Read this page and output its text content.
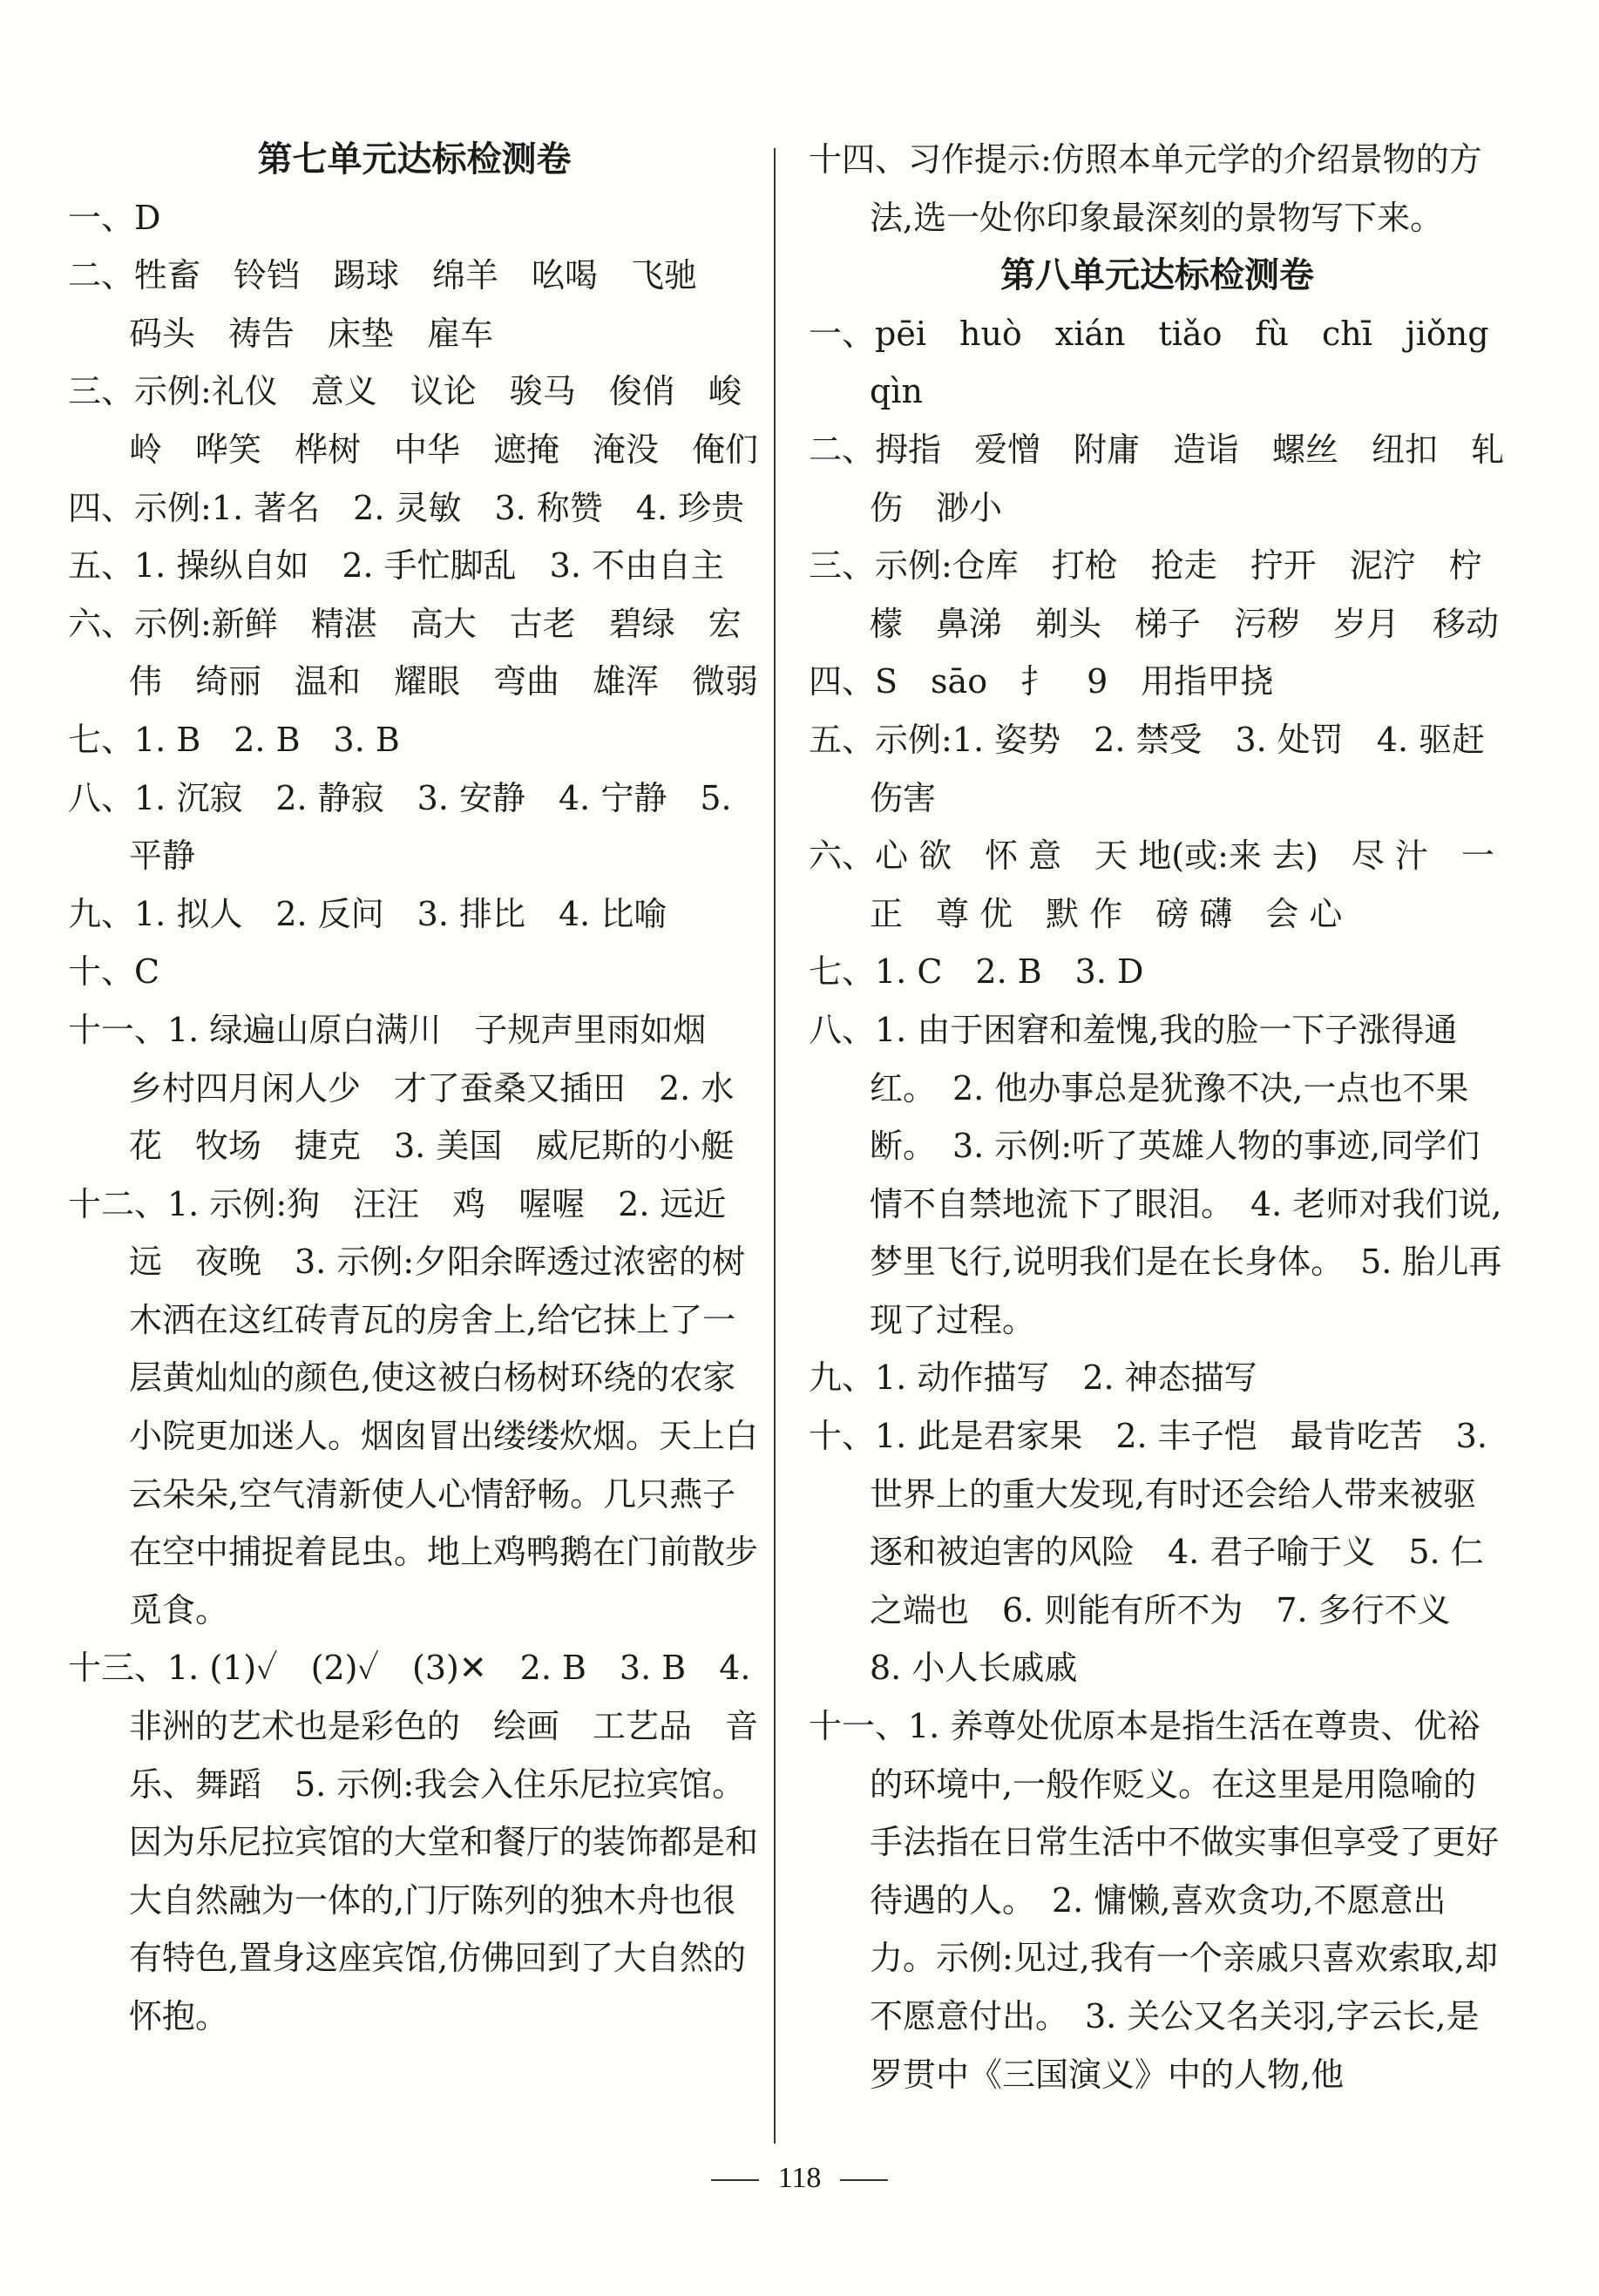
第七单元达标检测卷
一、D
二、牲畜　铃铛　踢球　绵羊　吆喝　飞驰　码头　祷告　床垫　雇车
三、示例:礼仪　意义　议论　骏马　俊俏　峻岭　哗笑　桦树　中华　遮掩　淹没　俺们
四、示例:1. 著名　2. 灵敏　3. 称赞　4. 珍贵
五、1. 操纵自如　2. 手忙脚乱　3. 不由自主
六、示例:新鲜　精湛　高大　古老　碧绿　宏伟　绮丽　温和　耀眼　弯曲　雄浑　微弱
七、1. B　2. B　3. B
八、1. 沉寂　2. 静寂　3. 安静　4. 宁静　5. 平静
九、1. 拟人　2. 反问　3. 排比　4. 比喻
十、C
十一、1. 绿遍山原白满川　子规声里雨如烟　乡村四月闲人少　才了蚕桑又插田　2. 水花　牧场　捷克　3. 美国　威尼斯的小艇
十二、1. 示例:狗　汪汪　鸡　喔喔　2. 远近　远　夜晚　3. 示例:夕阳余晖透过浓密的树木洒在这红砖青瓦的房舍上,给它抹上了一层黄灿灿的颜色,使这被白杨树环绕的农家小院更加迷人。烟囱冒出缕缕炊烟。天上白云朵朵,空气清新使人心情舒畅。几只燕子在空中捕捉着昆虫。地上鸡鸭鹅在门前散步觅食。
十三、1. (1)✓　(2)✓　(3)✕　2. B　3. B　4. 非洲的艺术也是彩色的　绘画　工艺品　音乐、舞蹈　5. 示例:我会入住乐尼拉宾馆。因为乐尼拉宾馆的大堂和餐厅的装饰都是和大自然融为一体的,门厅陈列的独木舟也很有特色,置身这座宾馆,仿佛回到了大自然的怀抱。
十四、习作提示:仿照本单元学的介绍景物的方法,选一处你印象最深刻的景物写下来。
第八单元达标检测卷
一、pēi　huò　xián　tiǎo　fù　chī　jiǒng　qìn
二、拇指　爱憎　附庸　造诣　螺丝　纽扣　轧伤　渺小
三、示例:仓库　打枪　抢走　拧开　泥泞　柠檬　鼻涕　剃头　梯子　污秽　岁月　移动
四、S　sāo　扌　9　用指甲挠
五、示例:1. 姿势　2. 禁受　3. 处罚　4. 驱赶　伤害
六、心 欲　怀 意　天 地(或:来 去)　尽 汁　一 正　尊 优　默 作　磅 礴　会 心
七、1. C　2. B　3. D
八、1. 由于困窘和羞愧,我的脸一下子涨得通红。　2. 他办事总是犹豫不决,一点也不果断。　3. 示例:听了英雄人物的事迹,同学们情不自禁地流下了眼泪。　4. 老师对我们说,梦里飞行,说明我们是在长身体。　5. 胎儿再现了过程。
九、1. 动作描写　2. 神态描写
十、1. 此是君家果　2. 丰子恺　最肯吃苦　3. 世界上的重大发现,有时还会给人带来被驱逐和被迫害的风险　4. 君子喻于义　5. 仁之端也　6. 则能有所不为　7. 多行不义　8. 小人长戚戚
十一、1. 养尊处优原本是指生活在尊贵、优裕的环境中,一般作贬义。在这里是用隐喻的手法指在日常生活中不做实事但享受了更好待遇的人。　2. 慵懒,喜欢贪功,不愿意出力。示例:见过,我有一个亲戚只喜欢索取,却不愿意付出。　3. 关公又名关羽,字云长,是罗贯中《三国演义》中的人物,他
118
